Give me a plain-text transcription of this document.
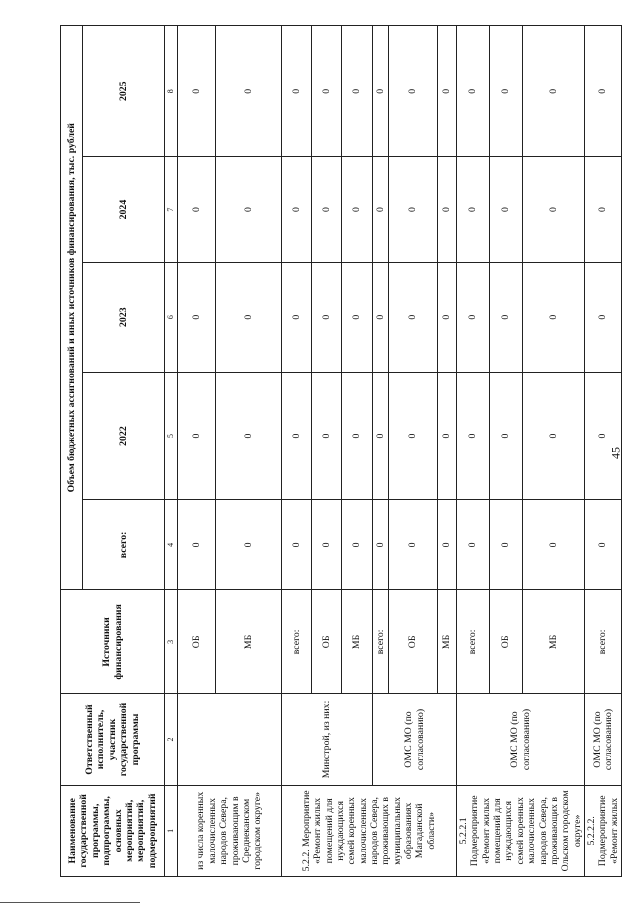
45
Наименование государственной программы, подпрограммы, основных мероприятий, мероприятий, подмероприятий	Ответственный исполнитель, участник государственной программы	Источники финансирования	Объем бюджетных ассигнований и иных источников финансирования, тыс. рублей				
			всего:	2022	2023	2024	2025
1	2	3	4	5	6	7	8
из числа коренных малочисленных народов Севера, проживающим в Среднеканском городском округе»		ОБ	0	0	0	0	0
		МБ	0	0	0	0	0
5.2.2. Мероприятие «Ремонт жилых помещений для нуждающихся семей коренных малочисленных народов Севера, проживающих в муниципальных образованиях Магаданской области»	Минстрой, из них:	всего:	0	0	0	0	0
		ОБ	0	0	0	0	0
		МБ	0	0	0	0	0
	ОМС МО (по согласованию)	всего:	0	0	0	0	0
		ОБ	0	0	0	0	0
		МБ	0	0	0	0	0
5.2.2.1 Подмероприятие «Ремонт жилых помещений для нуждающихся семей коренных малочисленных народов Севера, проживающих в Ольском городском округе»	ОМС МО (по согласованию)	всего:	0	0	0	0	0
		ОБ	0	0	0	0	0
		МБ	0	0	0	0	0
5.2.2.2. Подмероприятие «Ремонт жилых	ОМС МО (по согласованию)	всего:	0	0	0	0	0
